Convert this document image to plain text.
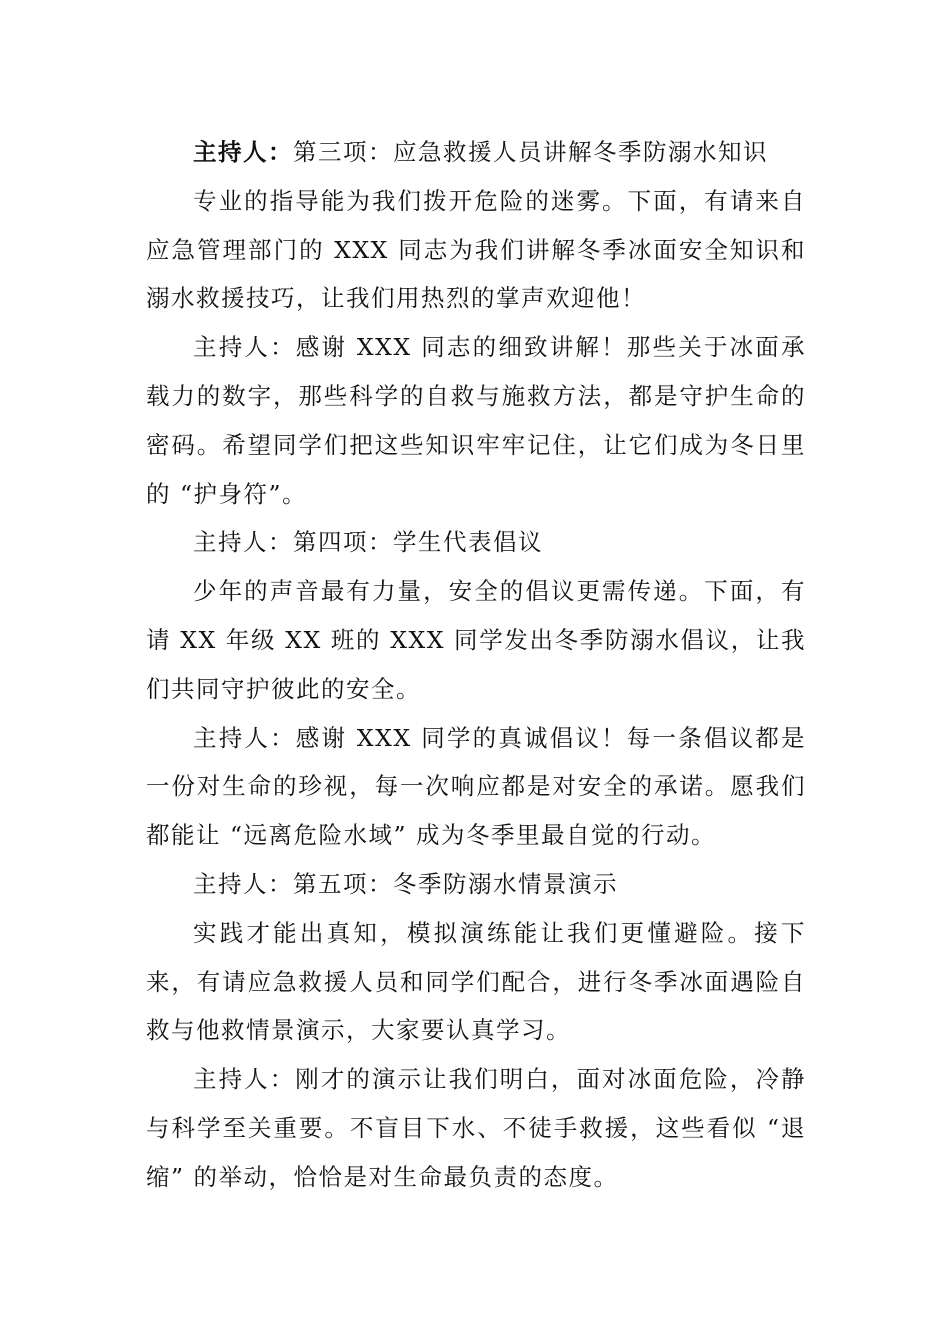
主持人：第三项：应急救援人员讲解冬季防溺水知识

专业的指导能为我们拨开危险的迷雾。下面，有请来自应急管理部门的 XXX 同志为我们讲解冬季冰面安全知识和溺水救援技巧，让我们用热烈的掌声欢迎他！

主持人：感谢 XXX 同志的细致讲解！那些关于冰面承载力的数字，那些科学的自救与施救方法，都是守护生命的密码。希望同学们把这些知识牢牢记住，让它们成为冬日里的 “护身符”。

主持人：第四项：学生代表倡议

少年的声音最有力量，安全的倡议更需传递。下面，有请 XX 年级 XX 班的 XXX 同学发出冬季防溺水倡议，让我们共同守护彼此的安全。

主持人：感谢 XXX 同学的真诚倡议！每一条倡议都是一份对生命的珍视，每一次响应都是对安全的承诺。愿我们都能让 “远离危险水域” 成为冬季里最自觉的行动。

主持人：第五项：冬季防溺水情景演示

实践才能出真知，模拟演练能让我们更懂避险。接下来，有请应急救援人员和同学们配合，进行冬季冰面遇险自救与他救情景演示，大家要认真学习。

主持人：刚才的演示让我们明白，面对冰面危险，冷静与科学至关重要。不盲目下水、不徒手救援，这些看似 “退缩” 的举动，恰恰是对生命最负责的态度。
